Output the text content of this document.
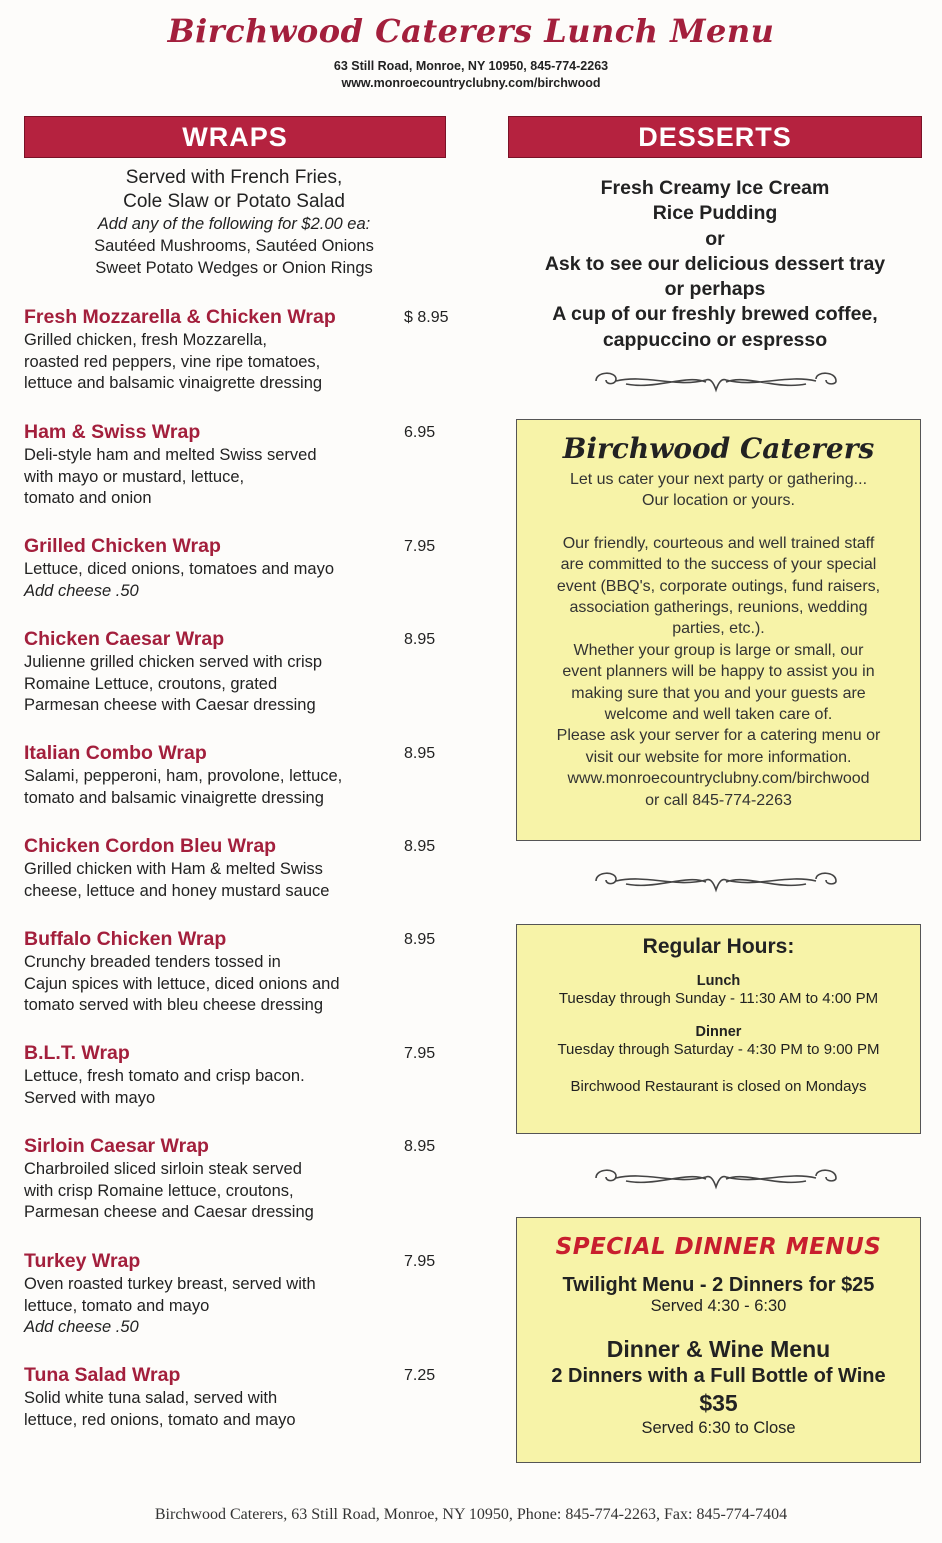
Birchwood Caterers Lunch Menu
63 Still Road, Monroe, NY 10950, 845-774-2263
www.monroecountryclubny.com/birchwood
WRAPS	DESSERTS
Served with French Fries,
Cole Slaw or Potato Salad
Add any of the following for $2.00 ea:
Sautéed Mushrooms, Sautéed Onions
Sweet Potato Wedges or Onion Rings
Fresh Mozzarella & Chicken Wrap	$ 8.95
Grilled chicken, fresh Mozzarella,
roasted red peppers, vine ripe tomatoes,
lettuce and balsamic vinaigrette dressing
Ham & Swiss Wrap	6.95
Deli-style ham and melted Swiss served
with mayo or mustard, lettuce,
tomato and onion
Grilled Chicken Wrap	7.95
Lettuce, diced onions, tomatoes and mayo
Add cheese .50
Chicken Caesar Wrap	8.95
Julienne grilled chicken served with crisp
Romaine Lettuce, croutons, grated
Parmesan cheese with Caesar dressing
Italian Combo Wrap	8.95
Salami, pepperoni, ham, provolone, lettuce,
tomato and balsamic vinaigrette dressing
Chicken Cordon Bleu Wrap	8.95
Grilled chicken with Ham & melted Swiss
cheese, lettuce and honey mustard sauce
Buffalo Chicken Wrap	8.95
Crunchy breaded tenders tossed in
Cajun spices with lettuce, diced onions and
tomato served with bleu cheese dressing
B.L.T. Wrap	7.95
Lettuce, fresh tomato and crisp bacon.
Served with mayo
Sirloin Caesar Wrap	8.95
Charbroiled sliced sirloin steak served
with crisp Romaine lettuce, croutons,
Parmesan cheese and Caesar dressing
Turkey Wrap	7.95
Oven roasted turkey breast, served with
lettuce, tomato and mayo
Add cheese .50
Tuna Salad Wrap	7.25
Solid white tuna salad, served with
lettuce, red onions, tomato and mayo
Fresh Creamy Ice Cream
Rice Pudding
or
Ask to see our delicious dessert tray
or perhaps
A cup of our freshly brewed coffee,
cappuccino or espresso
Birchwood Caterers
Let us cater your next party or gathering...
Our location or yours.
Our friendly, courteous and well trained staff
are committed to the success of your special
event (BBQ's, corporate outings, fund raisers,
association gatherings, reunions, wedding
parties, etc.).
Whether your group is large or small, our
event planners will be happy to assist you in
making sure that you and your guests are
welcome and well taken care of.
Please ask your server for a catering menu or
visit our website for more information.
www.monroecountryclubny.com/birchwood
or call 845-774-2263
Regular Hours:
Lunch
Tuesday through Sunday - 11:30 AM to 4:00 PM
Dinner
Tuesday through Saturday - 4:30 PM to 9:00 PM
Birchwood Restaurant is closed on Mondays
SPECIAL DINNER MENUS
Twilight Menu - 2 Dinners for $25
Served 4:30 - 6:30
Dinner & Wine Menu
2 Dinners with a Full Bottle of Wine
$35
Served 6:30 to Close
Birchwood Caterers, 63 Still Road, Monroe, NY 10950, Phone: 845-774-2263, Fax: 845-774-7404
